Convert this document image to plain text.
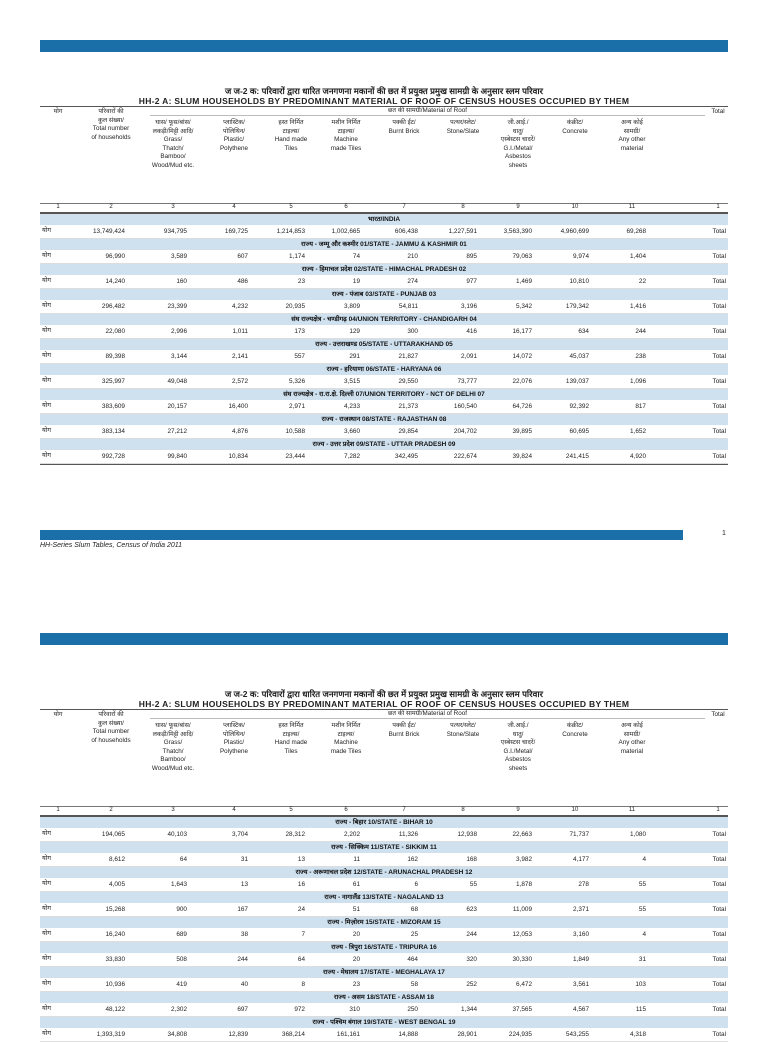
ज ज-2 क: परिवारों द्वारा धारित जनगणना मकानों की छत में प्रयुक्त प्रमुख सामग्री के अनुसार स्लम परिवार
HH-2 A: SLUM HOUSEHOLDS BY PREDOMINANT MATERIAL OF ROOF OF CENSUS HOUSES OCCUPIED BY THEM
छत की सामग्री/Material of Roof
योग	परिवारों की
कुल संख्या/
Total number
of households
घास/ फूस/बांस/
लकड़ी/मिट्टी आदि/
Grass/
Thatch/
Bamboo/
Wood/Mud etc.
प्लास्टिक/
पोलिथिन/
Plastic/
Polythene
हस्त निर्मित
टाइल्स/
Hand made
Tiles
मशीन निर्मित
टाइल्स/
Machine
made Tiles
पक्की ईंट/
Burnt Brick
पत्थर/स्लेट/
Stone/Slate
जी.आई./
धातु/
एस्बेस्टस चादरें/
G.I./Metal/
Asbestos
sheets
कंक्रीट/
Concrete
अन्य कोई
सामग्री/
Any other
material
Total
1	2	3	4	5	6	7	8	9	10	11	1
भारत/INDIA
योग	13,749,424	934,795	169,725	1,214,853	1,002,665	606,438	1,227,591	3,563,390	4,960,699	69,268	Total
राज्य - जम्मू और कश्मीर 01/STATE - JAMMU & KASHMIR 01
योग	96,990	3,589	607	1,174	74	210	895	79,063	9,974	1,404	Total
राज्य - हिमाचल प्रदेश 02/STATE - HIMACHAL PRADESH 02
योग	14,240	160	486	23	19	274	977	1,469	10,810	22	Total
राज्य - पंजाब 03/STATE - PUNJAB 03
योग	296,482	23,399	4,232	20,935	3,809	54,811	3,196	5,342	179,342	1,416	Total
संघ राज्यक्षेत्र - चण्डीगढ़ 04/UNION TERRITORY - CHANDIGARH 04
योग	22,080	2,996	1,011	173	129	300	416	16,177	634	244	Total
राज्य - उत्तराखण्ड 05/STATE - UTTARAKHAND 05
योग	89,398	3,144	2,141	557	291	21,827	2,091	14,072	45,037	238	Total
राज्य - हरियाणा 06/STATE - HARYANA 06
योग	325,997	49,048	2,572	5,326	3,515	29,550	73,777	22,076	139,037	1,096	Total
संघ राज्यक्षेत्र - रा.रा.क्षे. दिल्ली 07/UNION TERRITORY - NCT OF DELHI 07
योग	383,609	20,157	16,400	2,971	4,233	21,373	160,540	64,726	92,392	817	Total
राज्य - राजस्थान 08/STATE - RAJASTHAN 08
योग	383,134	27,212	4,876	10,588	3,660	29,854	204,702	39,895	60,695	1,652	Total
राज्य - उत्तर प्रदेश 09/STATE - UTTAR PRADESH 09
योग	992,728	99,840	10,834	23,444	7,282	342,495	222,674	39,824	241,415	4,920	Total
1
HH-Series Slum Tables, Census of India 2011
ज ज-2 क: परिवारों द्वारा धारित जनगणना मकानों की छत में प्रयुक्त प्रमुख सामग्री के अनुसार स्लम परिवार
HH-2 A: SLUM HOUSEHOLDS BY PREDOMINANT MATERIAL OF ROOF OF CENSUS HOUSES OCCUPIED BY THEM
छत की सामग्री/Material of Roof
योग	परिवारों की
कुल संख्या/
Total number
of households
घास/ फूस/बांस/
लकड़ी/मिट्टी आदि/
Grass/
Thatch/
Bamboo/
Wood/Mud etc.
प्लास्टिक/
पोलिथिन/
Plastic/
Polythene
हस्त निर्मित
टाइल्स/
Hand made
Tiles
मशीन निर्मित
टाइल्स/
Machine
made Tiles
पक्की ईंट/
Burnt Brick
पत्थर/स्लेट/
Stone/Slate
जी.आई./
धातु/
एस्बेस्टस चादरें/
G.I./Metal/
Asbestos
sheets
कंक्रीट/
Concrete
अन्य कोई
सामग्री/
Any other
material
Total
1	2	3	4	5	6	7	8	9	10	11	1
राज्य - बिहार 10/STATE - BIHAR 10
योग	194,065	40,103	3,704	28,312	2,202	11,326	12,938	22,663	71,737	1,080	Total
राज्य - सिक्किम 11/STATE - SIKKIM 11
योग	8,612	64	31	13	11	162	168	3,982	4,177	4	Total
राज्य - अरूणाचल प्रदेश 12/STATE - ARUNACHAL PRADESH 12
योग	4,005	1,643	13	16	61	6	55	1,878	278	55	Total
राज्य - नागालैंड 13/STATE - NAGALAND 13
योग	15,268	900	167	24	51	68	623	11,009	2,371	55	Total
राज्य - मिज़ोरम 15/STATE - MIZORAM 15
योग	16,240	689	38	7	20	25	244	12,053	3,160	4	Total
राज्य - त्रिपुरा 16/STATE - TRIPURA 16
योग	33,830	508	244	64	20	464	320	30,330	1,849	31	Total
राज्य - मेघालय 17/STATE - MEGHALAYA 17
योग	10,936	419	40	8	23	58	252	6,472	3,561	103	Total
राज्य - असम 18/STATE - ASSAM 18
योग	48,122	2,302	697	972	310	250	1,344	37,565	4,567	115	Total
राज्य - पश्चिम बंगाल 19/STATE - WEST BENGAL 19
योग	1,393,319	34,808	12,839	368,214	161,161	14,888	28,901	224,935	543,255	4,318	Total
